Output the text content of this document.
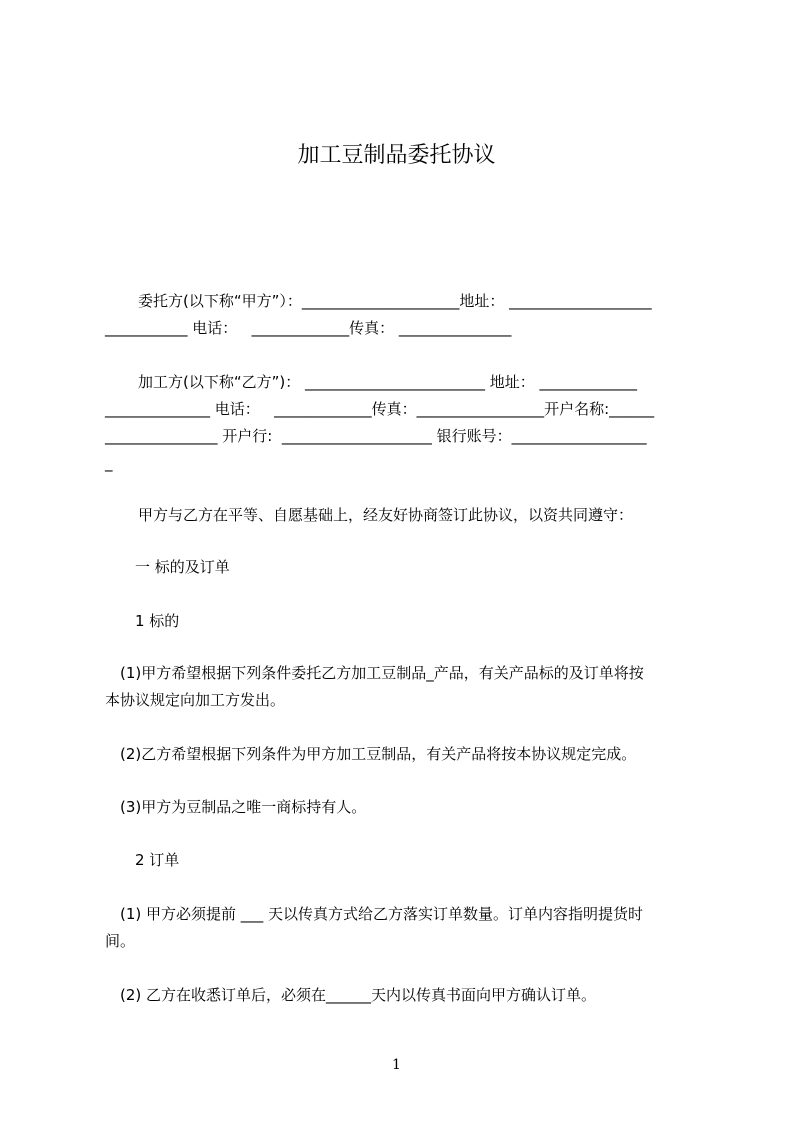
加工豆制品委托协议
委托方(以下称“甲方”）：_____________________地址： ___________________
___________ 电话：   _____________传真： _______________
加工方(以下称“乙方”)： ________________________ 地址： _____________
______________ 电话：   _____________传真：_________________开户名称:______
_______________ 开户行:  ____________________ 银行账号：__________________
_
甲方与乙方在平等、自愿基础上，经友好协商签订此协议，以资共同遵守：
一 标的及订单
1 标的
(1)甲方希望根据下列条件委托乙方加工豆制品_产品，有关产品标的及订单将按
本协议规定向加工方发出。
(2)乙方希望根据下列条件为甲方加工豆制品，有关产品将按本协议规定完成。
(3)甲方为豆制品之唯一商标持有人。
2 订单
(1) 甲方必须提前 ___ 天以传真方式给乙方落实订单数量。订单内容指明提货时
间。
(2) 乙方在收悉订单后，必须在______天内以传真书面向甲方确认订单。
1
